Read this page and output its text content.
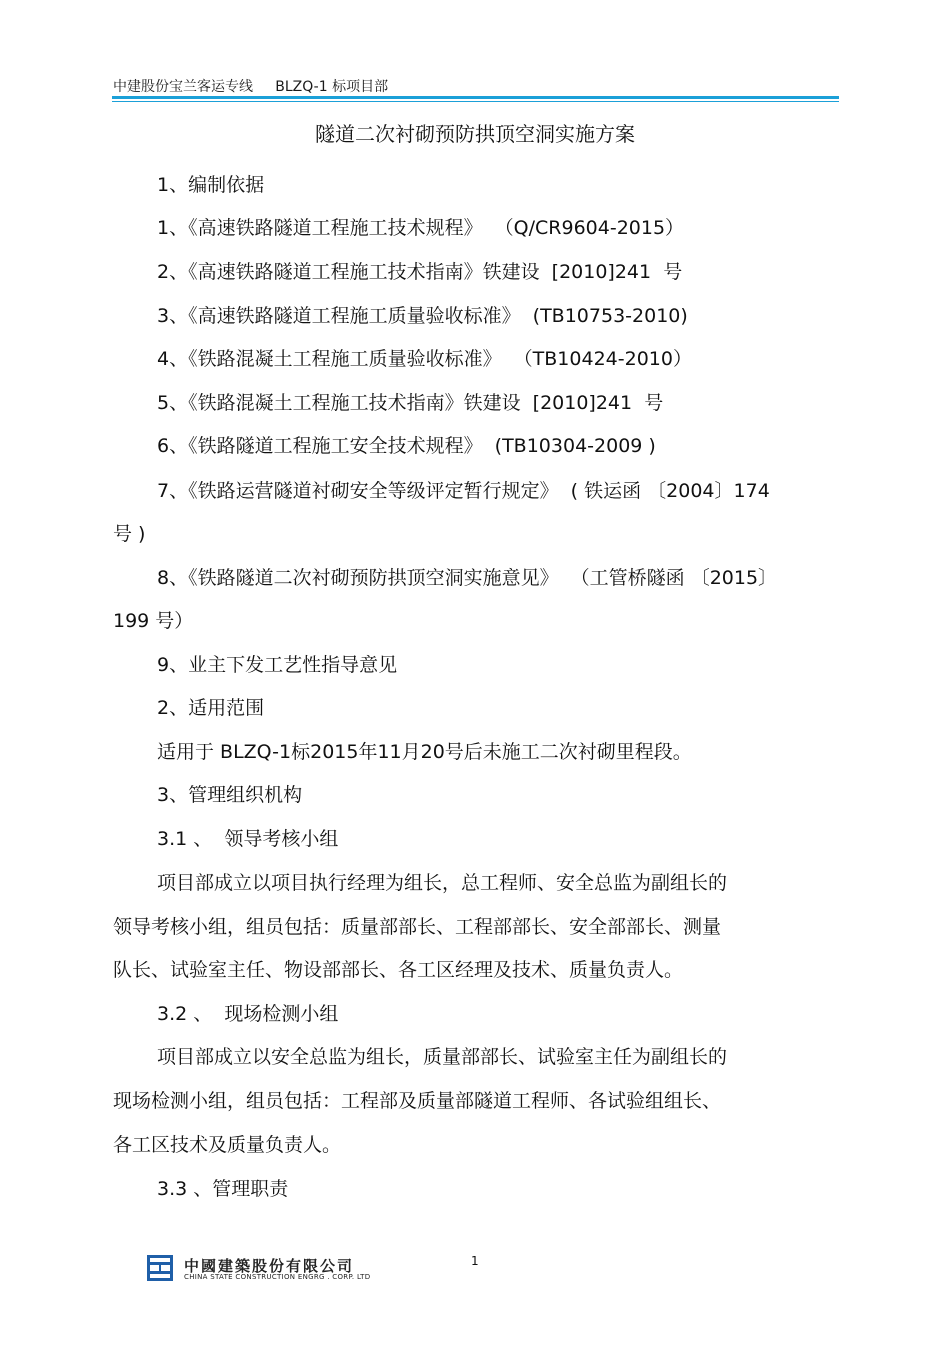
中建股份宝兰客运专线     BLZQ-1 标项目部
隧道二次衬砌预防拱顶空洞实施方案
1、编制依据
1、《高速铁路隧道工程施工技术规程》  （Q/CR9604-2015）
2、《高速铁路隧道工程施工技术指南》铁建设  [2010]241  号
3、《高速铁路隧道工程施工质量验收标准》  (TB10753-2010)
4、《铁路混凝土工程施工质量验收标准》  （TB10424-2010）
5、《铁路混凝土工程施工技术指南》铁建设  [2010]241  号
6、《铁路隧道工程施工安全技术规程》  (TB10304-2009 )
7、《铁路运营隧道衬砌安全等级评定暂行规定》  ( 铁运函 〔2004〕174
号 )
8、《铁路隧道二次衬砌预防拱顶空洞实施意见》  （工管桥隧函 〔2015〕
199 号）
9、业主下发工艺性指导意见
2、适用范围
适用于 BLZQ-1标2015年11月20号后未施工二次衬砌里程段。
3、管理组织机构
3.1 、  领导考核小组
项目部成立以项目执行经理为组长，总工程师、安全总监为副组长的
领导考核小组，组员包括：质量部部长、工程部部长、安全部部长、测量
队长、试验室主任、物设部部长、各工区经理及技术、质量负责人。
3.2 、  现场检测小组
项目部成立以安全总监为组长，质量部部长、试验室主任为副组长的
现场检测小组，组员包括：工程部及质量部隧道工程师、各试验组组长、
各工区技术及质量负责人。
3.3 、管理职责
中國建築股份有限公司
CHINA STATE CONSTRUCTION ENGRG . CORP. LTD
1
